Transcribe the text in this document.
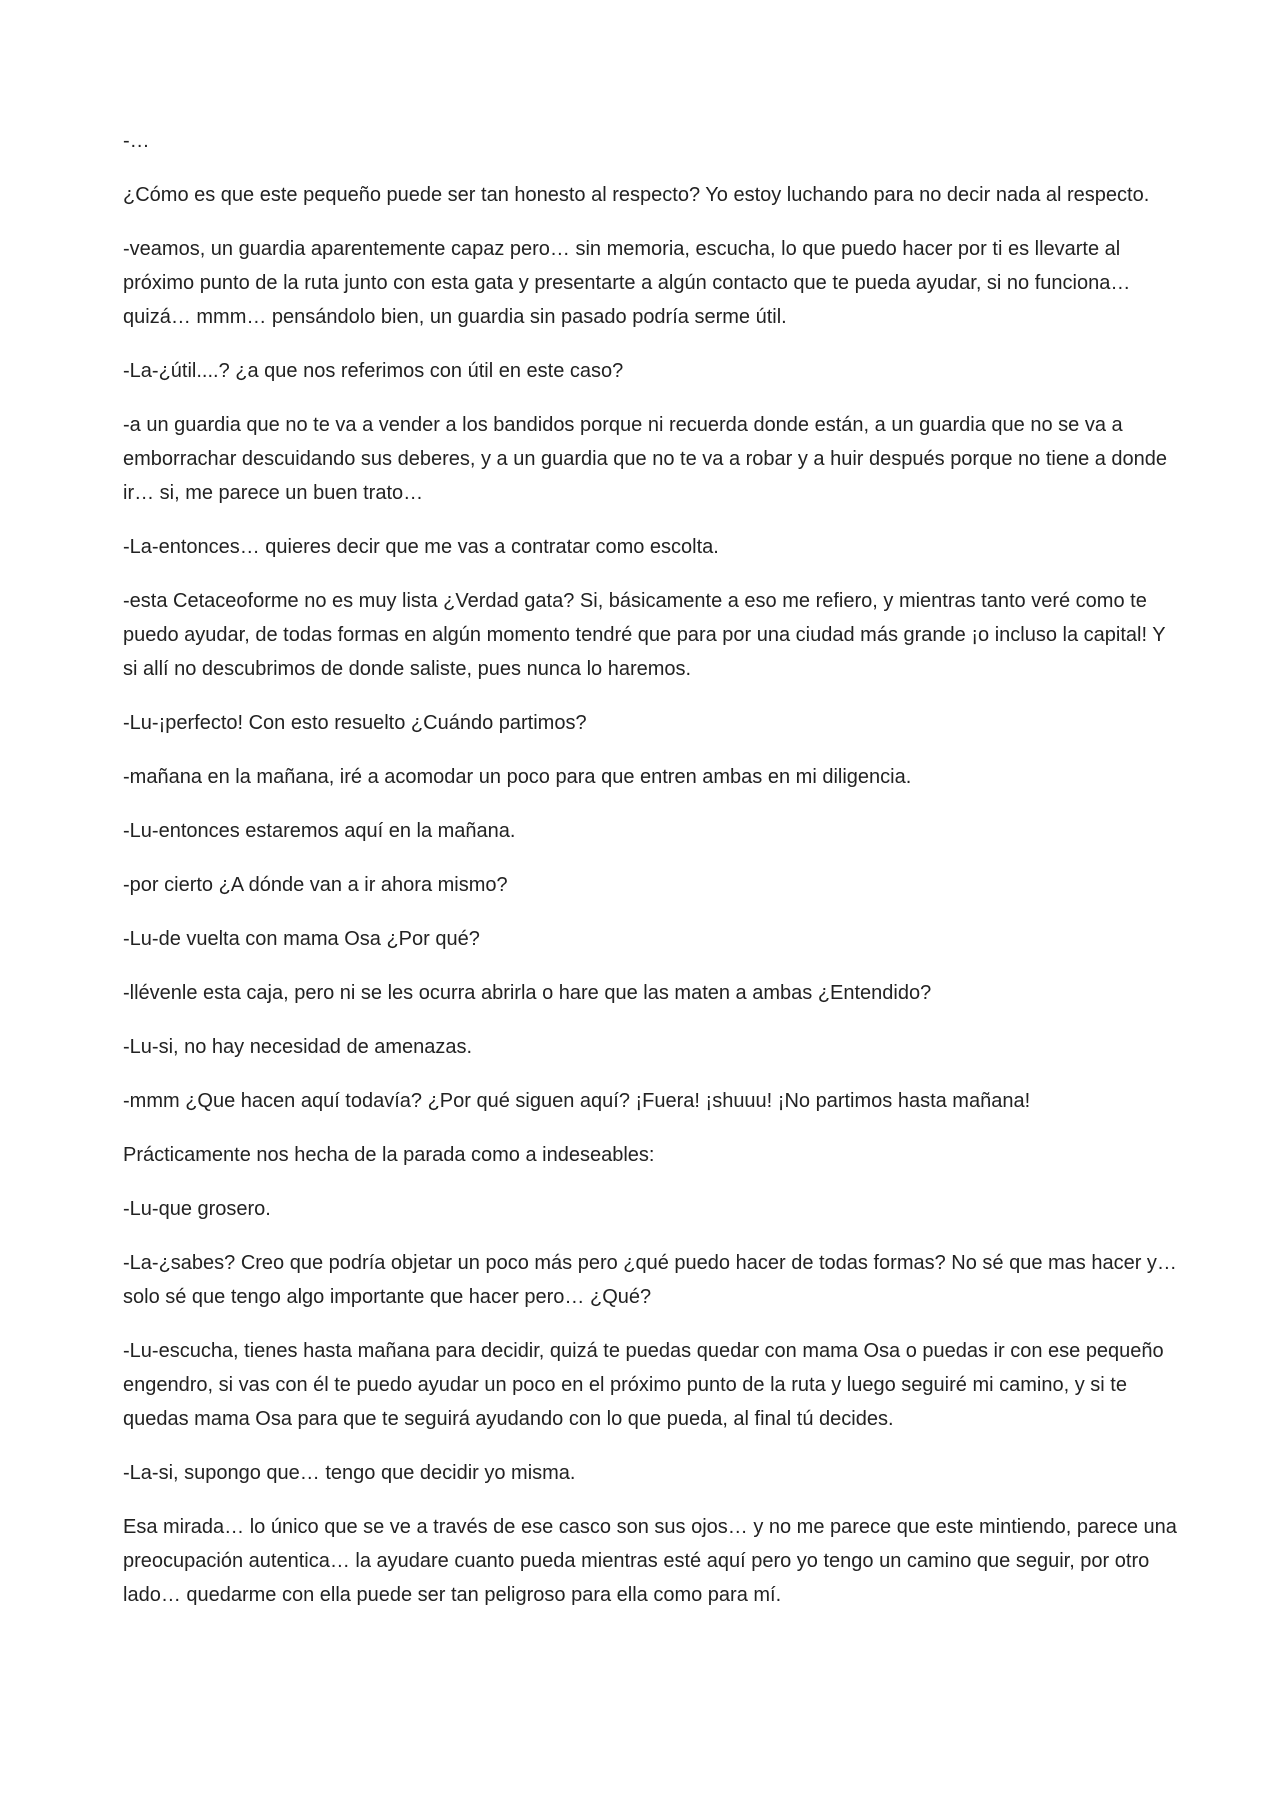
-…

¿Cómo es que este pequeño puede ser tan honesto al respecto? Yo estoy luchando para no decir nada al respecto.

-veamos, un guardia aparentemente capaz pero… sin memoria, escucha, lo que puedo hacer por ti es llevarte al próximo punto de la ruta junto con esta gata y presentarte a algún contacto que te pueda ayudar, si no funciona… quizá… mmm… pensándolo bien, un guardia sin pasado podría serme útil.

-La-¿útil....? ¿a que nos referimos con útil en este caso?

-a un guardia que no te va a vender a los bandidos porque ni recuerda donde están, a un guardia que no se va a emborrachar descuidando sus deberes, y a un guardia que no te va a robar y a huir después porque no tiene a donde ir… si, me parece un buen trato…

-La-entonces… quieres decir que me vas a contratar como escolta.

-esta Cetaceoforme no es muy lista ¿Verdad gata? Si, básicamente a eso me refiero, y mientras tanto veré como te puedo ayudar, de todas formas en algún momento tendré que para por una ciudad más grande ¡o incluso la capital! Y si allí no descubrimos de donde saliste, pues nunca lo haremos.

-Lu-¡perfecto! Con esto resuelto ¿Cuándo partimos?

-mañana en la mañana, iré a acomodar un poco para que entren ambas en mi diligencia.

-Lu-entonces estaremos aquí en la mañana.

-por cierto ¿A dónde van a ir ahora mismo?

-Lu-de vuelta con mama Osa ¿Por qué?

-llévenle esta caja, pero ni se les ocurra abrirla o hare que las maten a ambas ¿Entendido?

-Lu-si, no hay necesidad de amenazas.

-mmm ¿Que hacen aquí todavía? ¿Por qué siguen aquí? ¡Fuera! ¡shuuu! ¡No partimos hasta mañana!

Prácticamente nos hecha de la parada como a indeseables:

-Lu-que grosero.

-La-¿sabes? Creo que podría objetar un poco más pero ¿qué puedo hacer de todas formas? No sé que mas hacer y… solo sé que tengo algo importante que hacer pero… ¿Qué?

-Lu-escucha, tienes hasta mañana para decidir, quizá te puedas quedar con mama Osa o puedas ir con ese pequeño engendro, si vas con él te puedo ayudar un poco en el próximo punto de la ruta y luego seguiré mi camino, y si te quedas mama Osa para que te seguirá ayudando con lo que pueda, al final tú decides.

-La-si, supongo que… tengo que decidir yo misma.

Esa mirada… lo único que se ve a través de ese casco son sus ojos… y no me parece que este mintiendo, parece una preocupación autentica… la ayudare cuanto pueda mientras esté aquí pero yo tengo un camino que seguir, por otro lado… quedarme con ella puede ser tan peligroso para ella como para mí.
